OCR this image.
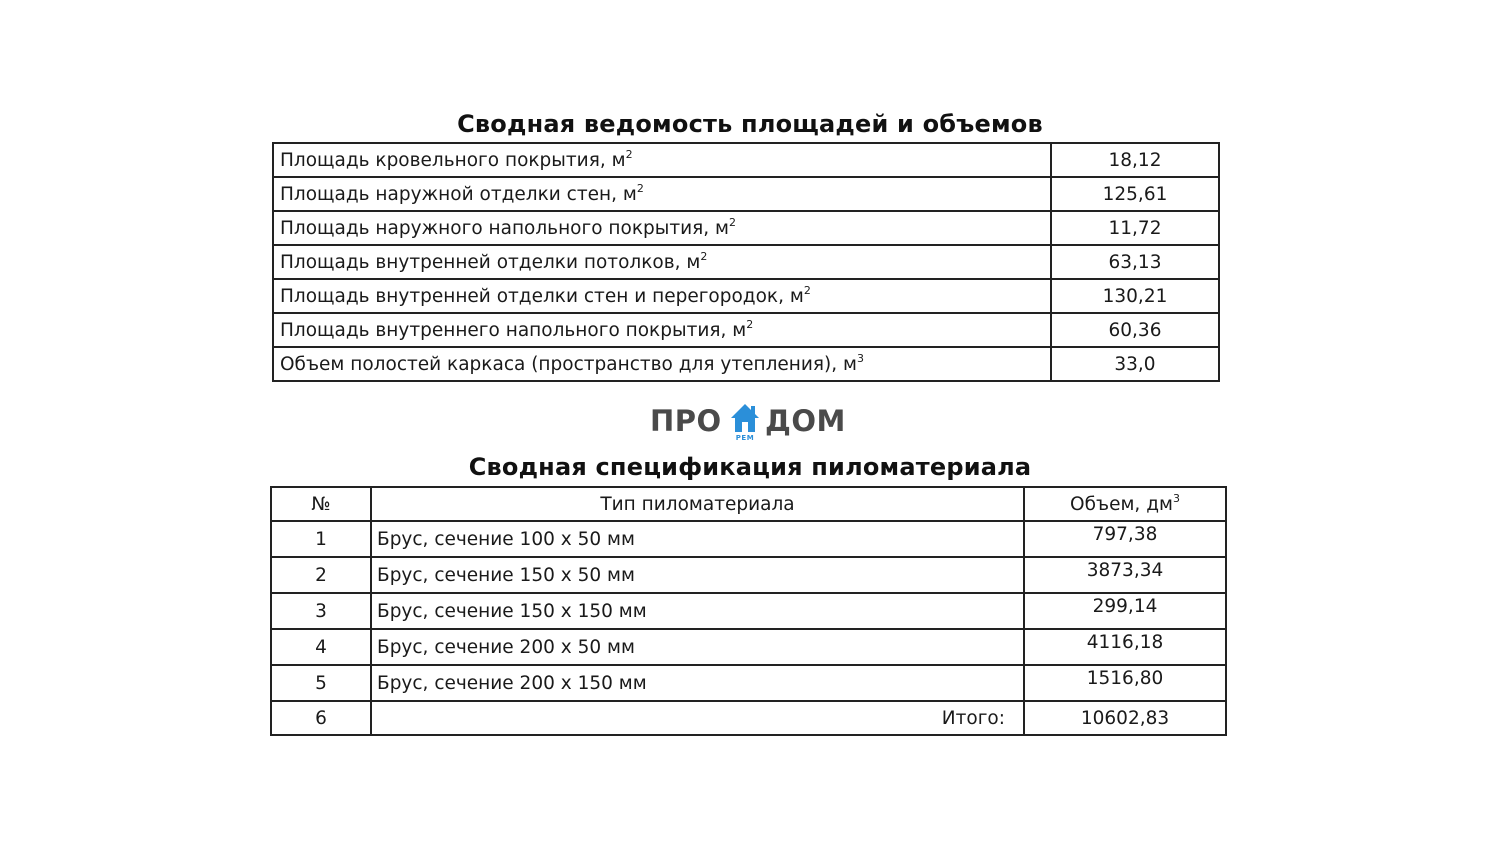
Сводная ведомость площадей и объемов
Площадь кровельного покрытия, $м^2$	18,12
Площадь наружной отделки стен, $м^2$	125,61
Площадь наружного напольного покрытия, $м^2$	11,72
Площадь внутренней отделки потолков, $м^2$	63,13
Площадь внутренней отделки стен и перегородок, $м^2$	130,21
Площадь внутреннего напольного покрытия, $м^2$	60,36
Объем полостей каркаса (пространство для утепления), $м^3$	33,0
ПРО РЕМ ДОМ
Сводная спецификация пиломатериала
№	Тип пиломатериала	Объем, $дм^3$
1	Брус, сечение 100 х 50 мм	797,38
2	Брус, сечение 150 х 50 мм	3873,34
3	Брус, сечение 150 х 150 мм	299,14
4	Брус, сечение 200 х 50 мм	4116,18
5	Брус, сечение 200 х 150 мм	1516,80
6	Итого:	10602,83
